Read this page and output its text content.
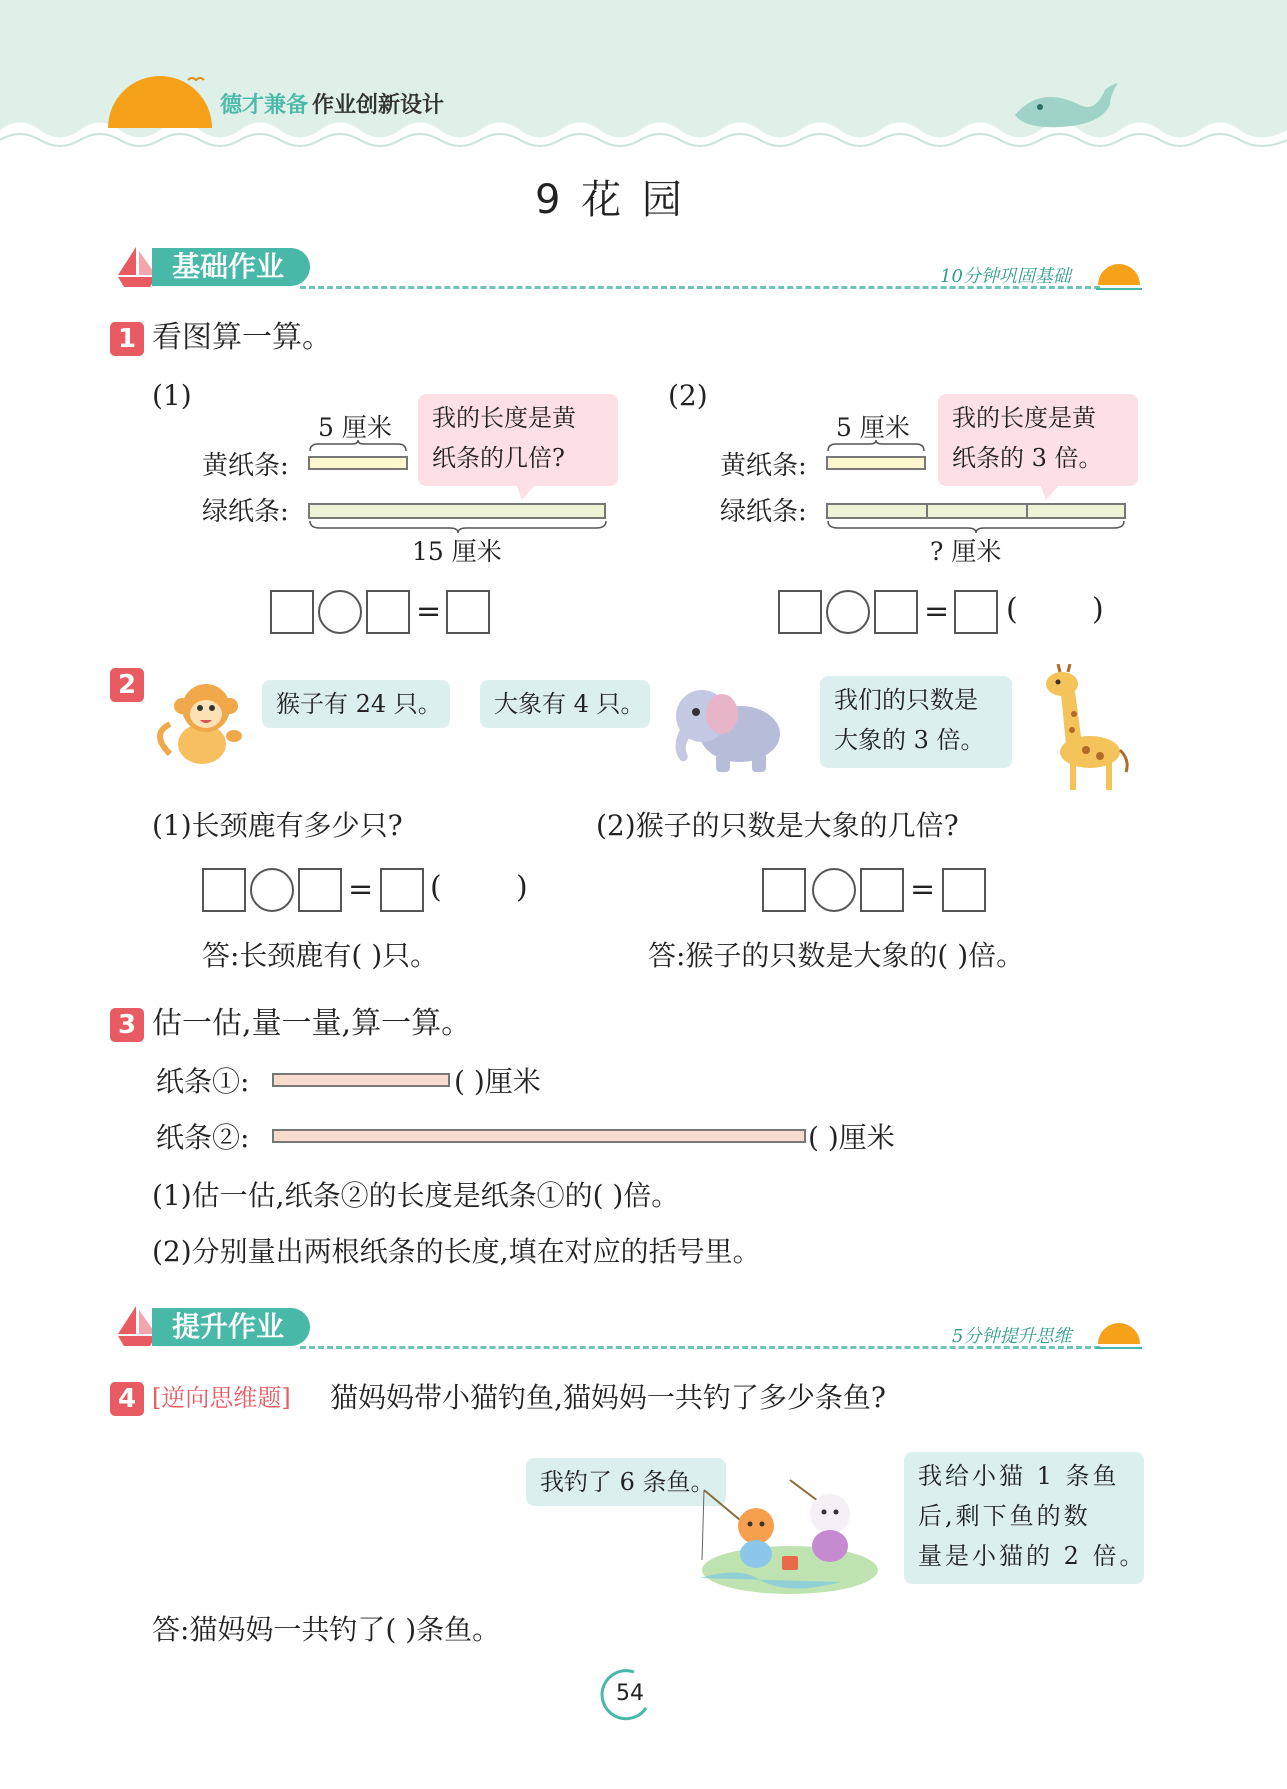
德才兼备 作业创新设计
9 花 园
基础作业	10分钟巩固基础
1 看图算一算。
(1)
5 厘米
黄纸条:
绿纸条:
15 厘米
我的长度是黄
纸条的几倍?
=
(2)
5 厘米
黄纸条:
绿纸条:
? 厘米
我的长度是黄
纸条的 3 倍。
= ( )
2
猴子有 24 只。	大象有 4 只。	我们的只数是
大象的 3 倍。
(1)长颈鹿有多少只?	(2)猴子的只数是大象的几倍?
= ( )	=
答:长颈鹿有( )只。	答:猴子的只数是大象的( )倍。
3 估一估,量一量,算一算。
纸条①:	( )厘米
纸条②:	( )厘米
(1)估一估,纸条②的长度是纸条①的( )倍。
(2)分别量出两根纸条的长度,填在对应的括号里。
提升作业	5分钟提升思维
4 [逆向思维题] 猫妈妈带小猫钓鱼,猫妈妈一共钓了多少条鱼?
我钓了 6 条鱼。	我给小猫 1 条鱼
后,剩下鱼的数
量是小猫的 2 倍。
答:猫妈妈一共钓了( )条鱼。
54
